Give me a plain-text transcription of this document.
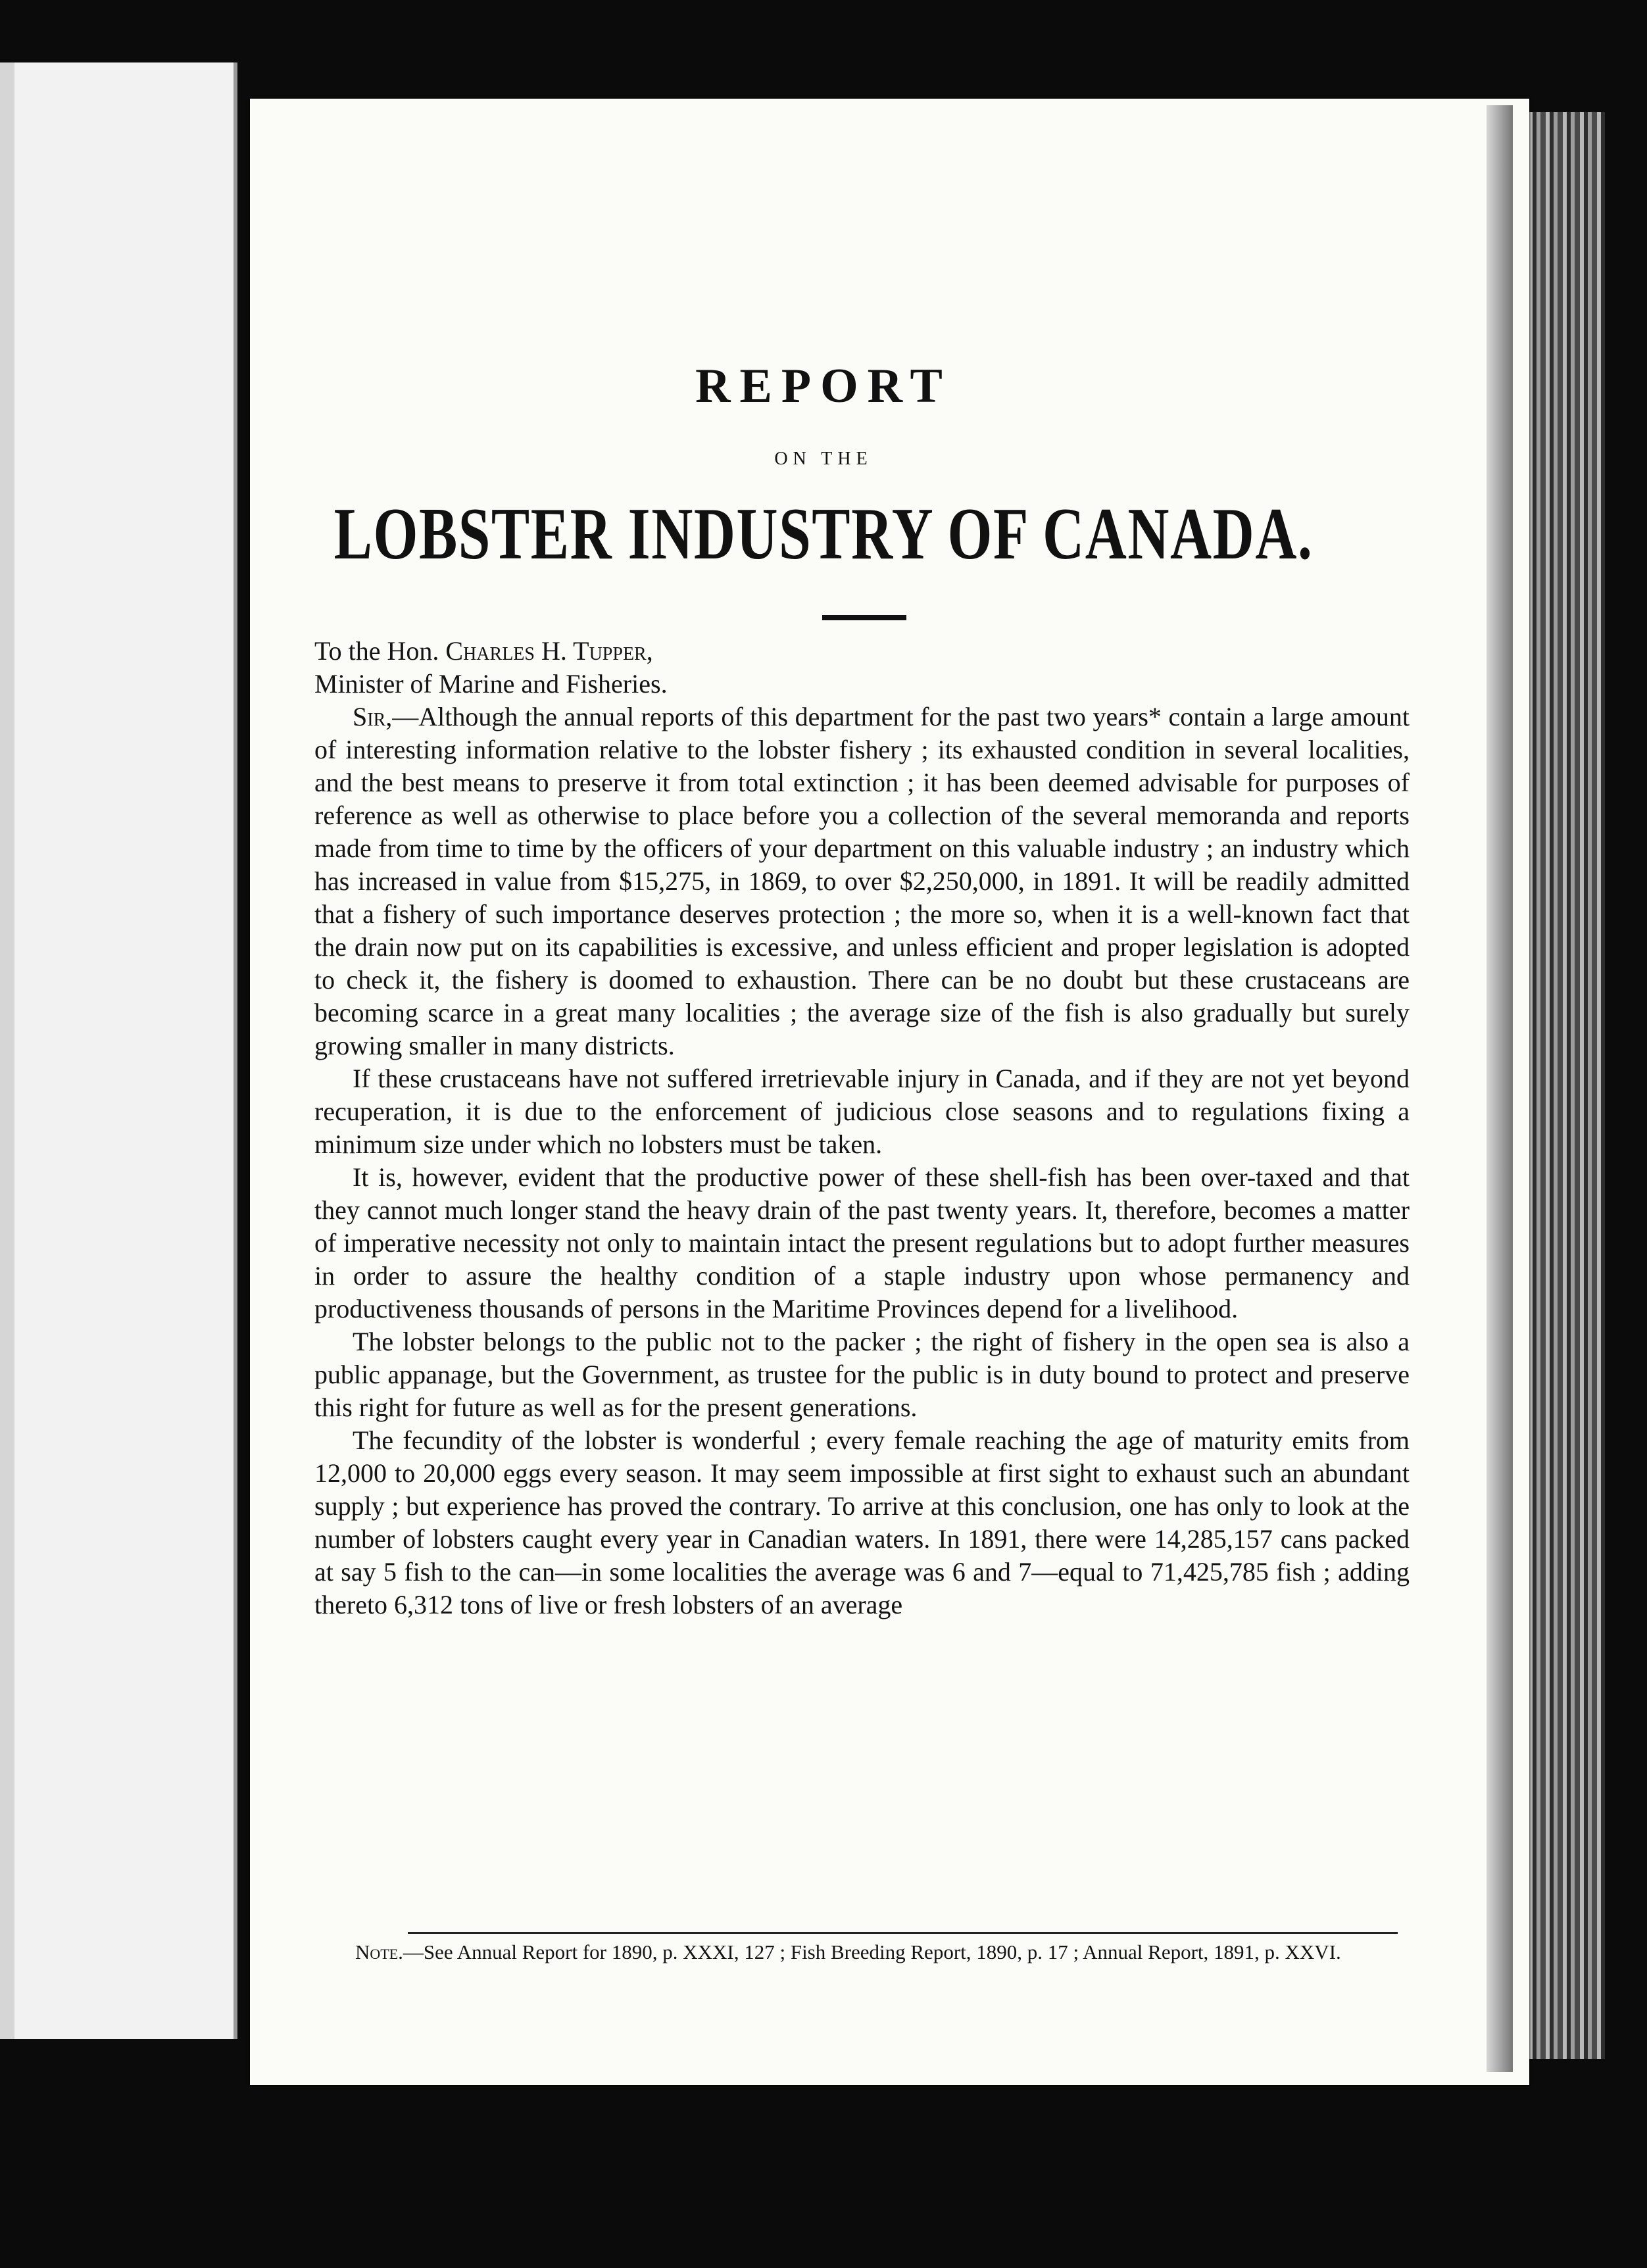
REPORT
ON THE
LOBSTER INDUSTRY OF CANADA.

To the Hon. Charles H. Tupper,

Minister of Marine and Fisheries.

Sir,—Although the annual reports of this department for the past two years* contain a large amount of interesting information relative to the lobster fishery ; its exhausted condition in several localities, and the best means to preserve it from total extinction ; it has been deemed advisable for purposes of reference as well as otherwise to place before you a collection of the several memoranda and reports made from time to time by the officers of your department on this valuable industry ; an industry which has increased in value from $15,275, in 1869, to over $2,250,000, in 1891. It will be readily admitted that a fishery of such importance deserves protection ; the more so, when it is a well-known fact that the drain now put on its capabilities is excessive, and unless efficient and proper legislation is adopted to check it, the fishery is doomed to exhaustion. There can be no doubt but these crustaceans are becoming scarce in a great many localities ; the average size of the fish is also gradually but surely growing smaller in many districts.

If these crustaceans have not suffered irretrievable injury in Canada, and if they are not yet beyond recuperation, it is due to the enforcement of judicious close seasons and to regulations fixing a minimum size under which no lobsters must be taken.

It is, however, evident that the productive power of these shell-fish has been over-taxed and that they cannot much longer stand the heavy drain of the past twenty years. It, therefore, becomes a matter of imperative necessity not only to maintain intact the present regulations but to adopt further measures in order to assure the healthy condition of a staple industry upon whose permanency and productiveness thousands of persons in the Maritime Provinces depend for a livelihood.

The lobster belongs to the public not to the packer ; the right of fishery in the open sea is also a public appanage, but the Government, as trustee for the public is in duty bound to protect and preserve this right for future as well as for the present generations.

The fecundity of the lobster is wonderful ; every female reaching the age of maturity emits from 12,000 to 20,000 eggs every season. It may seem impossible at first sight to exhaust such an abundant supply ; but experience has proved the contrary. To arrive at this conclusion, one has only to look at the number of lobsters caught every year in Canadian waters. In 1891, there were 14,285,157 cans packed at say 5 fish to the can—in some localities the average was 6 and 7—equal to 71,425,785 fish ; adding thereto 6,312 tons of live or fresh lobsters of an average

Note.—See Annual Report for 1890, p. XXXI, 127 ; Fish Breeding Report, 1890, p. 17 ; Annual Report, 1891, p. XXVI.
